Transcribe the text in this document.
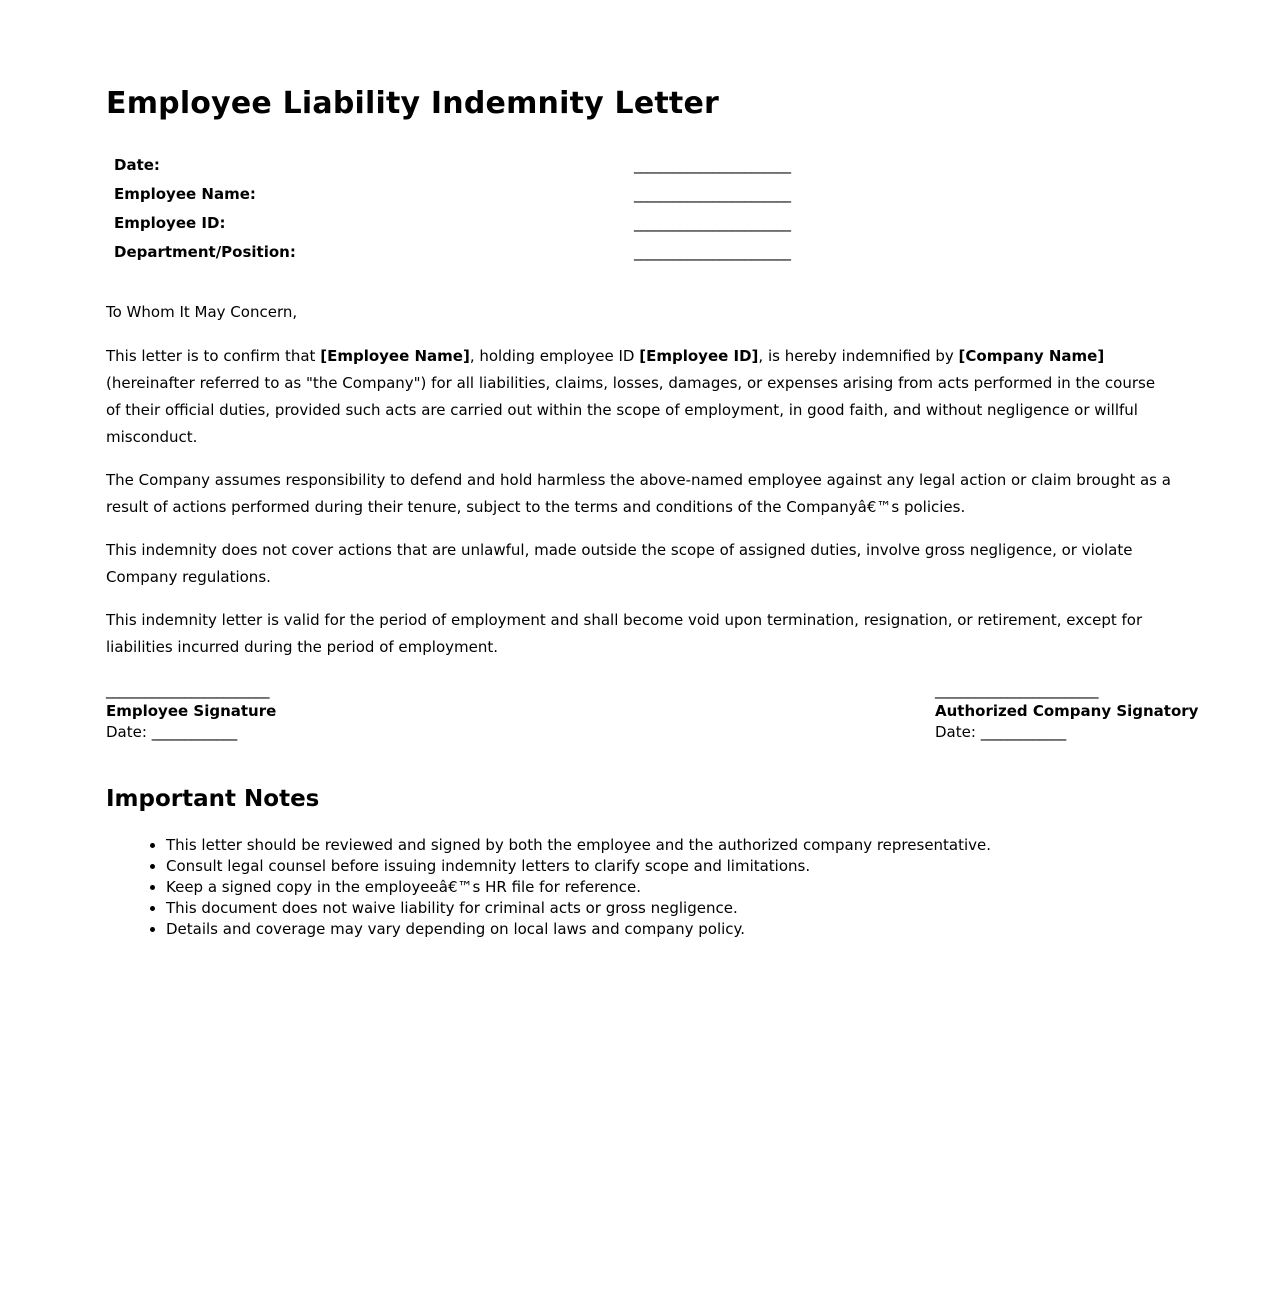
Employee Liability Indemnity Letter
Date:	________________________
Employee Name:	________________________
Employee ID:	________________________
Department/Position:	________________________

To Whom It May Concern,

This letter is to confirm that [Employee Name], holding employee ID [Employee ID], is hereby indemnified by [Company Name] (hereinafter referred to as "the Company") for all liabilities, claims, losses, damages, or expenses arising from acts performed in the course of their official duties, provided such acts are carried out within the scope of employment, in good faith, and without negligence or willful misconduct.

The Company assumes responsibility to defend and hold harmless the above-named employee against any legal action or claim brought as a result of actions performed during their tenure, subject to the terms and conditions of the Companyâ€™s policies.

This indemnity does not cover actions that are unlawful, made outside the scope of assigned duties, involve gross negligence, or violate Company regulations.

This indemnity letter is valid for the period of employment and shall become void upon termination, resignation, or retirement, except for liabilities incurred during the period of employment.

_________________________
Employee Signature
Date: _____________
_________________________
Authorized Company Signatory
Date: _____________
Important Notes
• This letter should be reviewed and signed by both the employee and the authorized company representative.
• Consult legal counsel before issuing indemnity letters to clarify scope and limitations.
• Keep a signed copy in the employeeâ€™s HR file for reference.
• This document does not waive liability for criminal acts or gross negligence.
• Details and coverage may vary depending on local laws and company policy.
